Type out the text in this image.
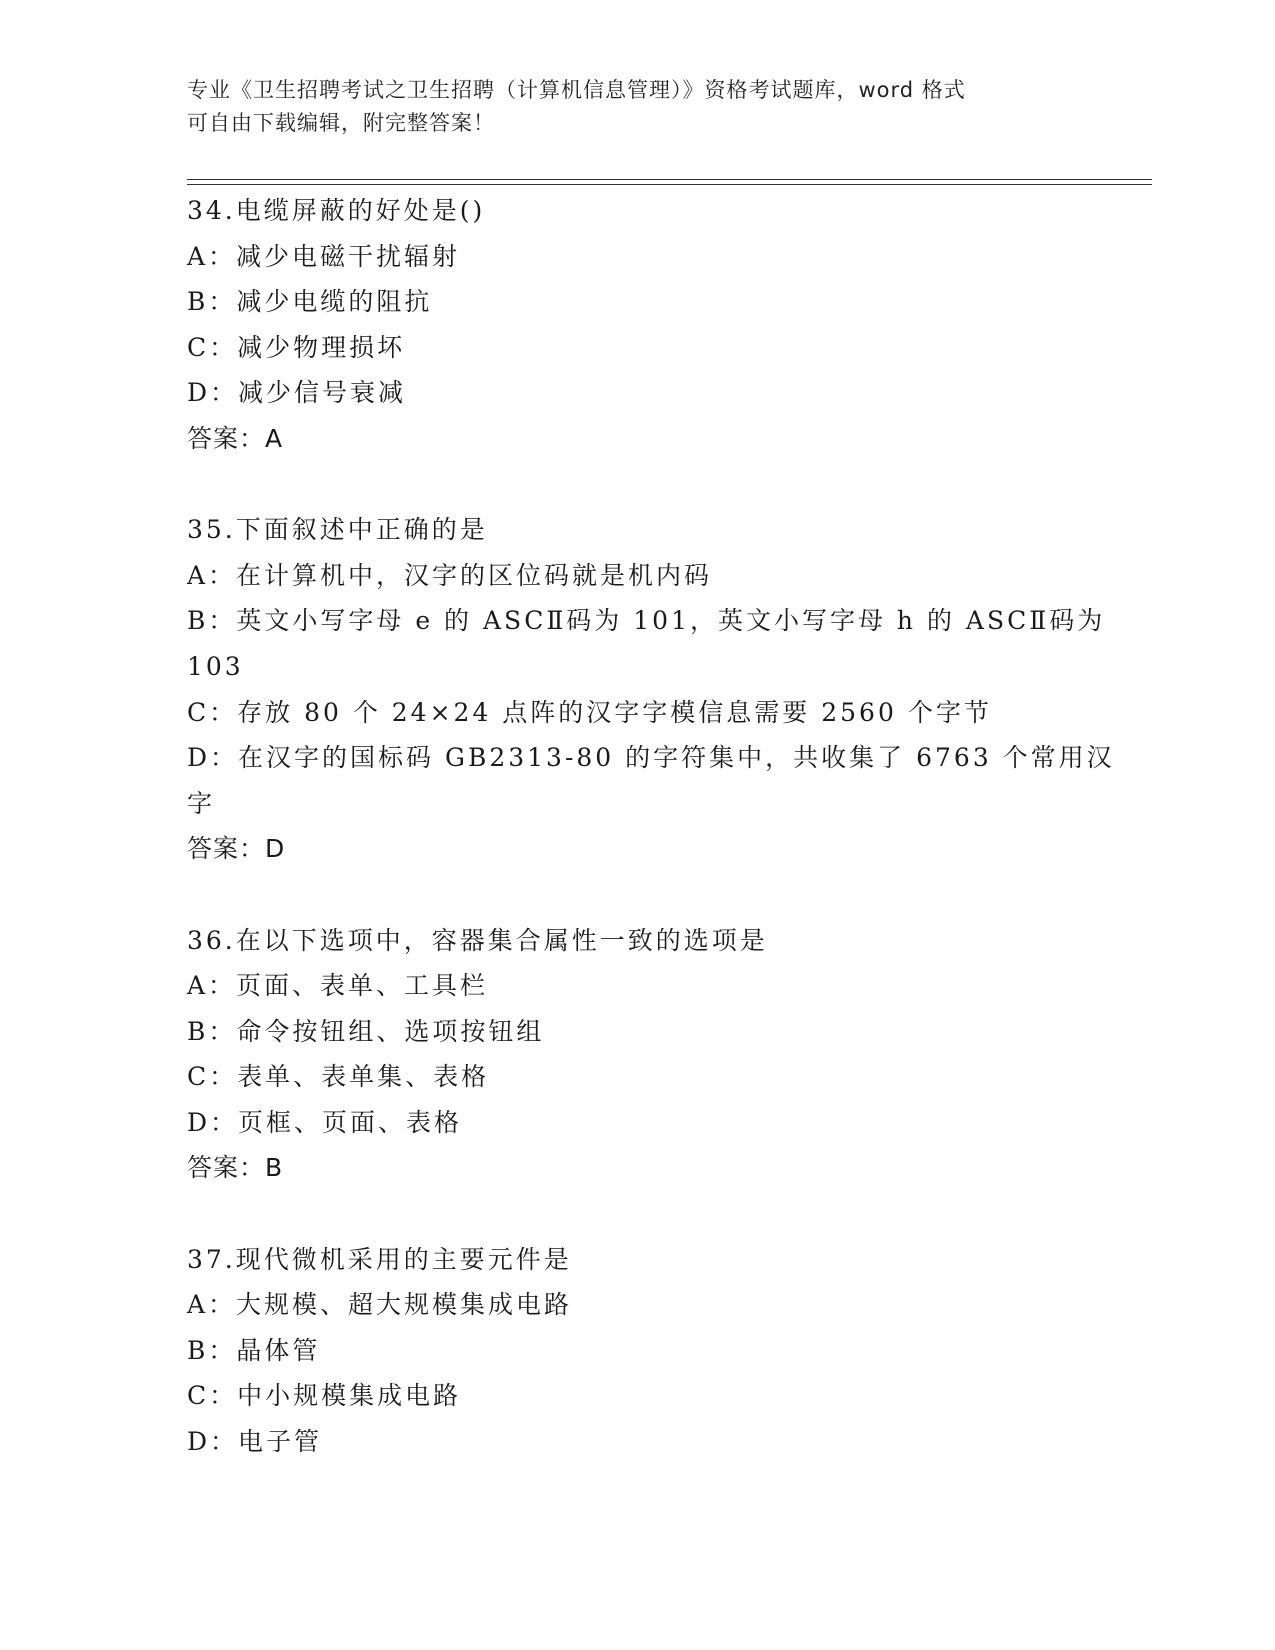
专业《卫生招聘考试之卫生招聘（计算机信息管理）》资格考试题库，word 格式
可自由下载编辑，附完整答案！
34.电缆屏蔽的好处是()
A：减少电磁干扰辐射
B：减少电缆的阻抗
C：减少物理损坏
D：减少信号衰减
答案：A
35.下面叙述中正确的是
A：在计算机中，汉字的区位码就是机内码
B：英文小写字母 e 的 ASCⅡ码为 101，英文小写字母 h 的 ASCⅡ码为
103
C：存放 80 个 24×24 点阵的汉字字模信息需要 2560 个字节
D：在汉字的国标码 GB2313-80 的字符集中，共收集了 6763 个常用汉
字
答案：D
36.在以下选项中，容器集合属性一致的选项是
A：页面、表单、工具栏
B：命令按钮组、选项按钮组
C：表单、表单集、表格
D：页框、页面、表格
答案：B
37.现代微机采用的主要元件是
A：大规模、超大规模集成电路
B：晶体管
C：中小规模集成电路
D：电子管
